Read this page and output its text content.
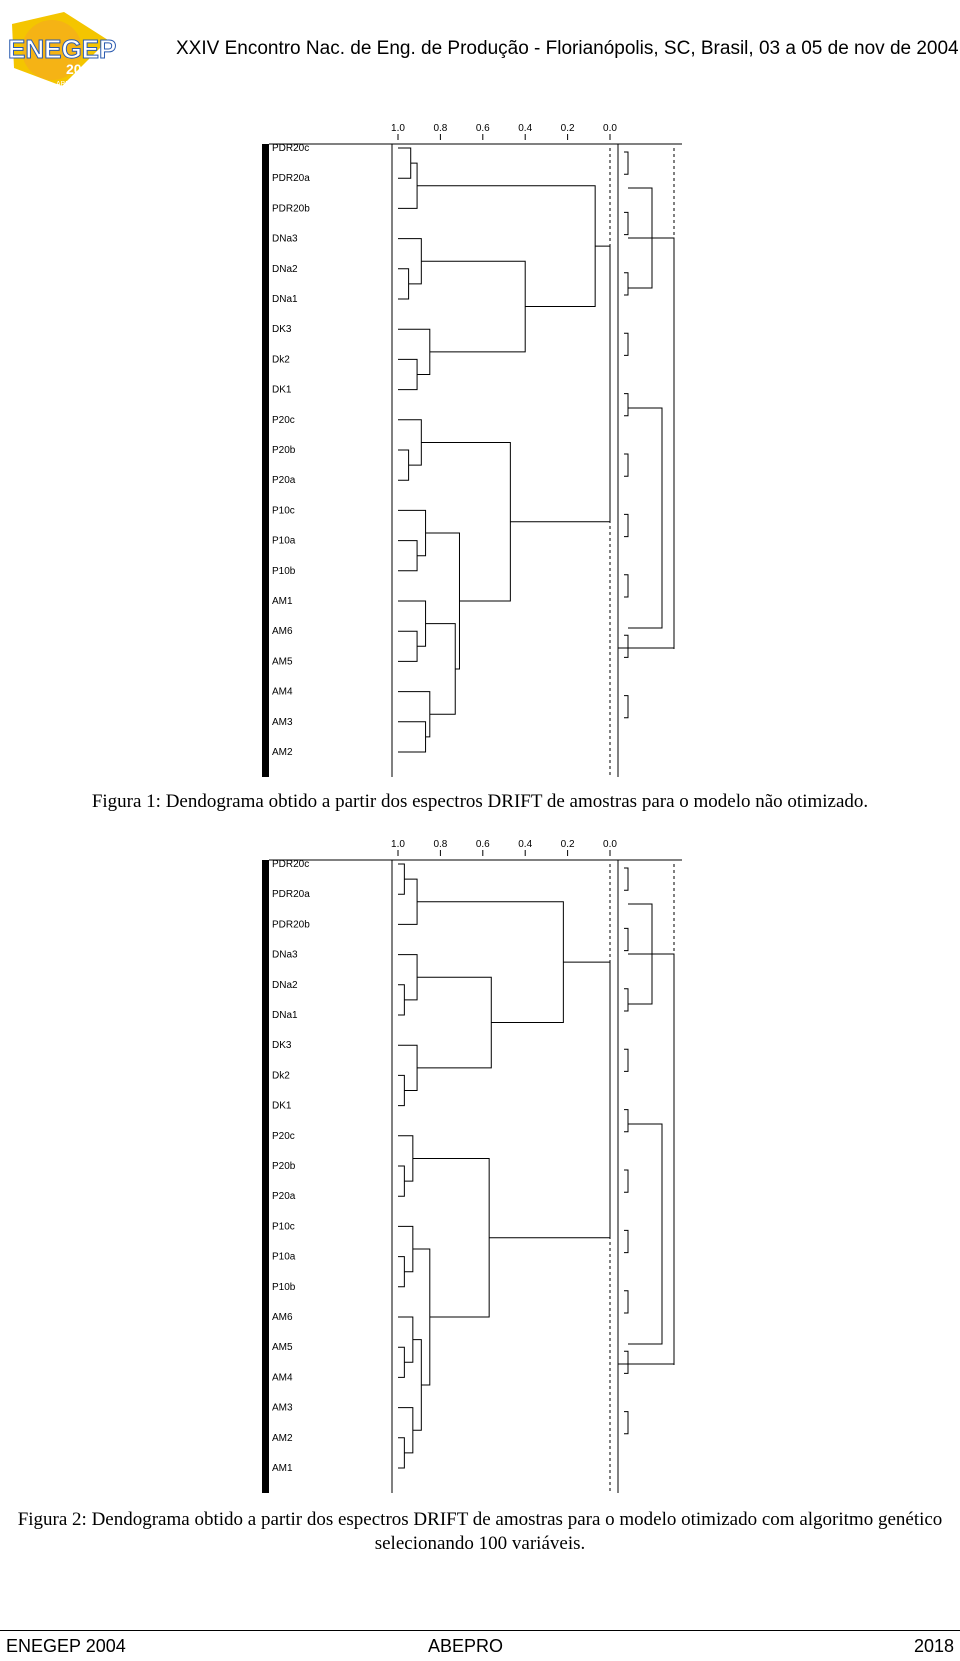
ENEGEP
2004
ABEPRO UFSC
XXIV Encontro Nac. de Eng. de Produção - Florianópolis, SC, Brasil, 03 a 05 de nov de 2004
1.0	0.8	0.6	0.4	0.2	0.0
PDR20c
PDR20a
PDR20b
DNa3
DNa2
DNa1
DK3
Dk2
DK1
P20c
P20b
P20a
P10c
P10a
P10b
AM1
AM6
AM5
AM4
AM3
AM2
Figura 1: Dendograma obtido a partir dos espectros DRIFT de amostras para o modelo não otimizado.
1.0	0.8	0.6	0.4	0.2	0.0
PDR20c
PDR20a
PDR20b
DNa3
DNa2
DNa1
DK3
Dk2
DK1
P20c
P20b
P20a
P10c
P10a
P10b
AM6
AM5
AM4
AM3
AM2
AM1
Figura 2: Dendograma obtido a partir dos espectros DRIFT de amostras para o modelo otimizado com algoritmo genético selecionando 100 variáveis.
ENEGEP 2004	ABEPRO	2018
